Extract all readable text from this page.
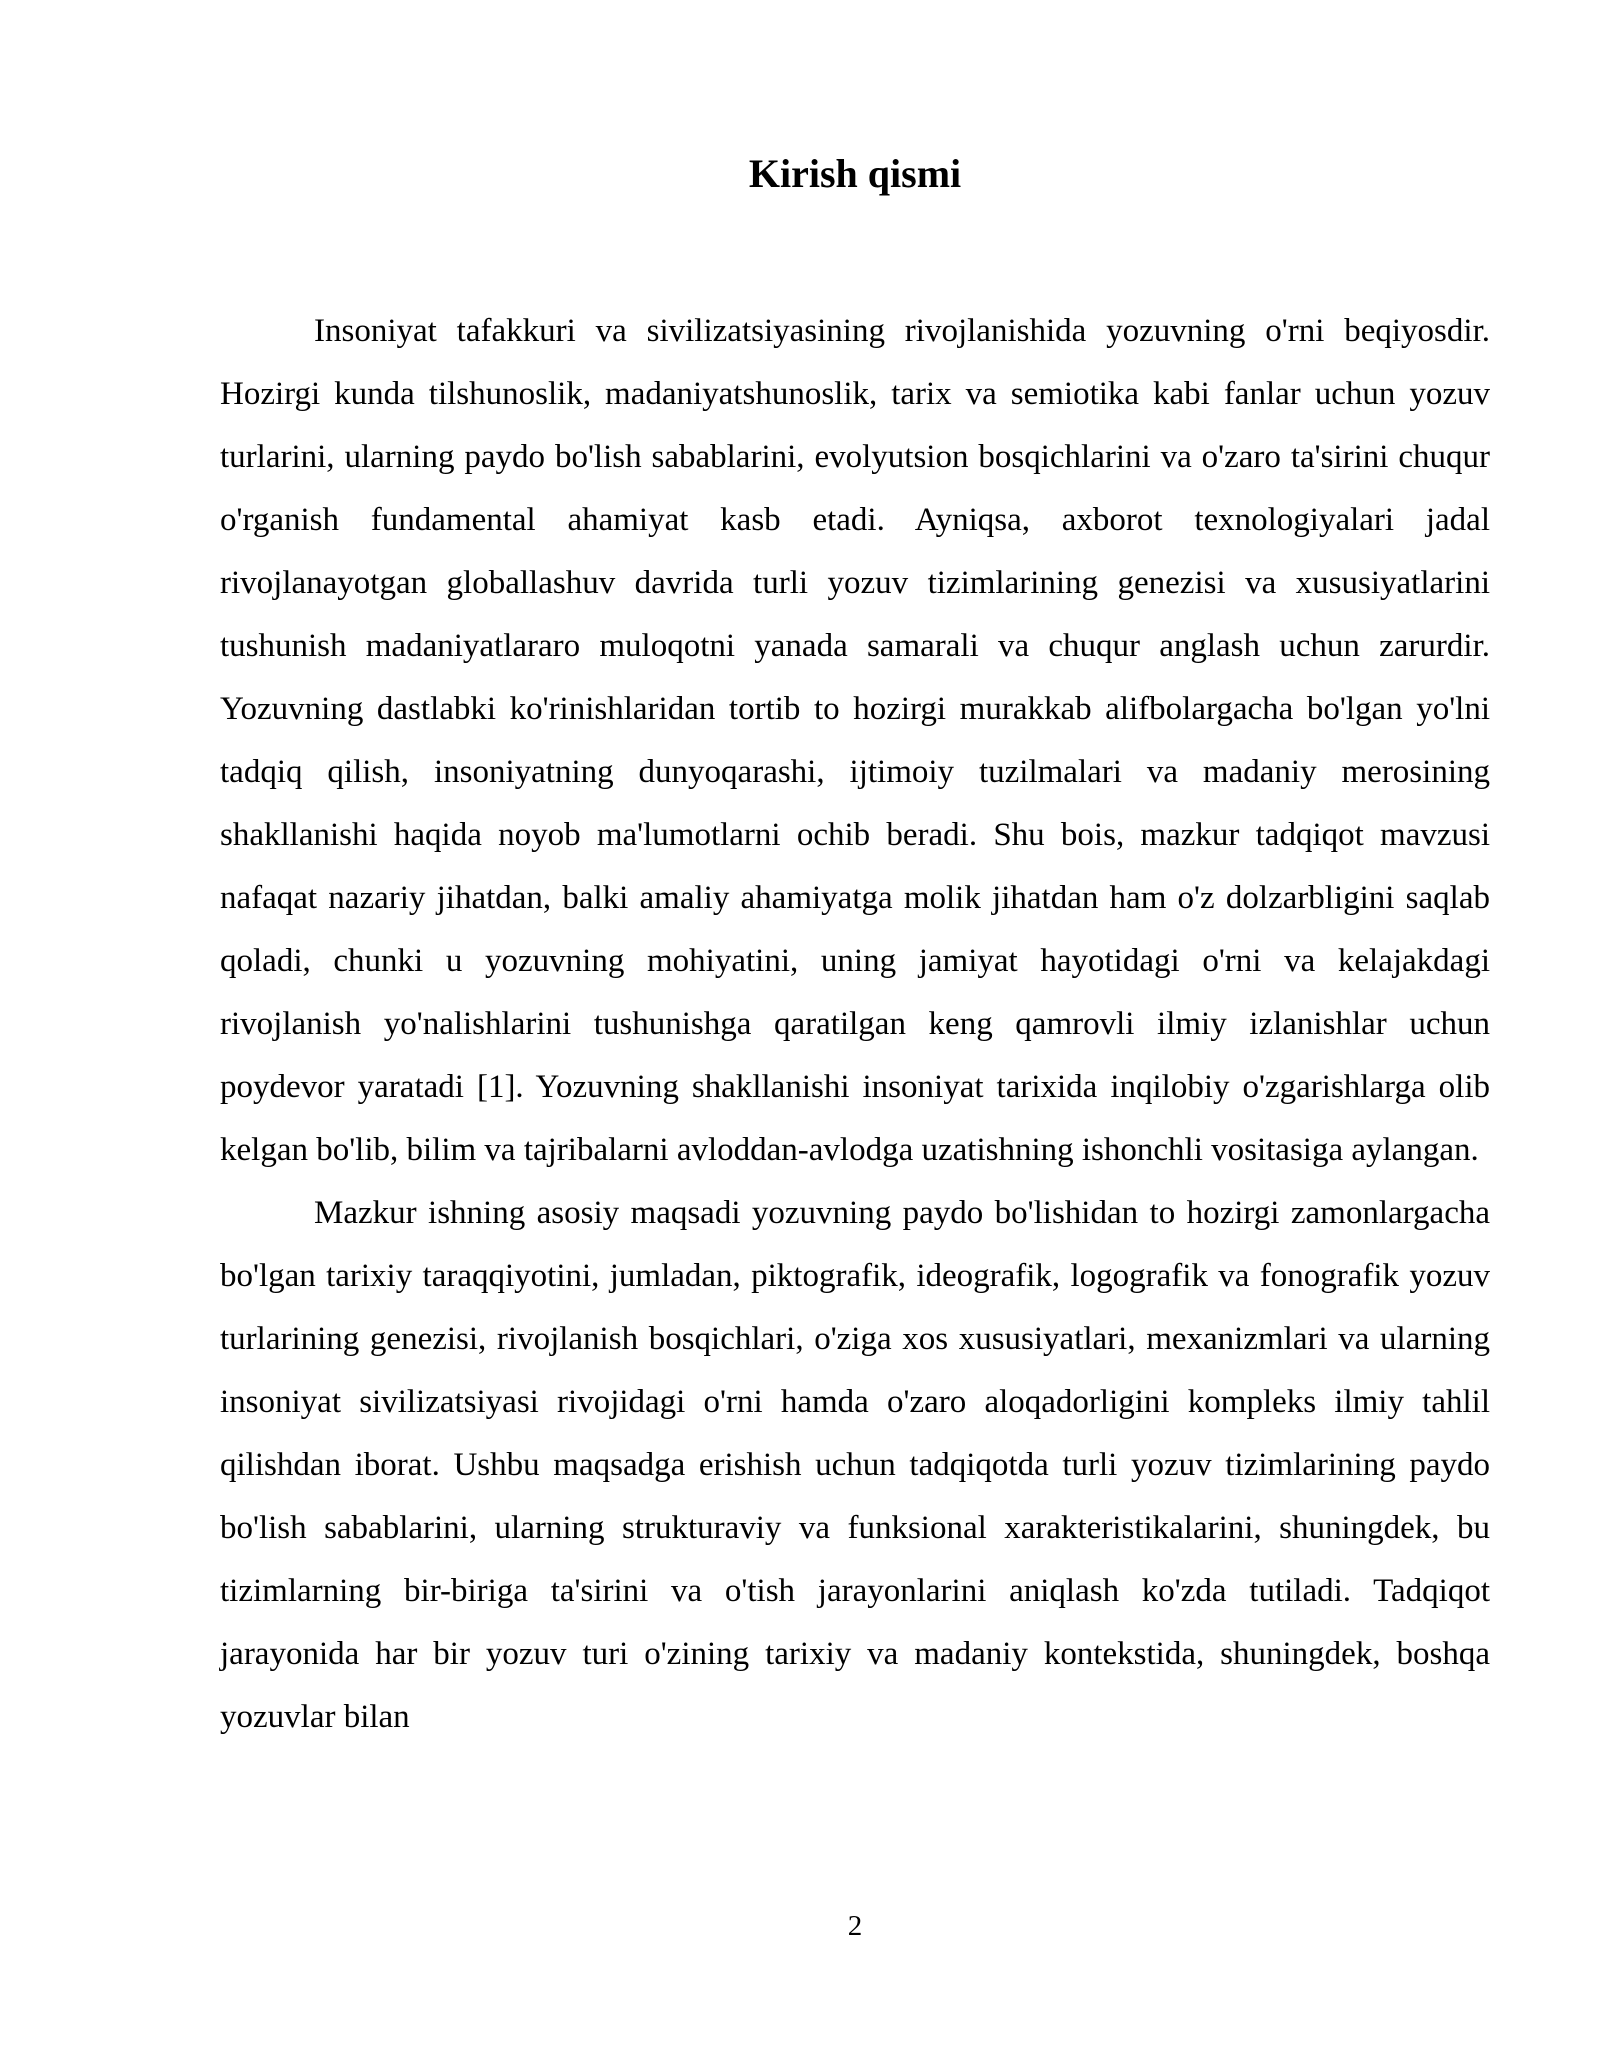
Kirish qismi

Insoniyat tafakkuri va sivilizatsiyasining rivojlanishida yozuvning o'rni beqiyosdir. Hozirgi kunda tilshunoslik, madaniyatshunoslik, tarix va semiotika kabi fanlar uchun yozuv turlarini, ularning paydo bo'lish sabablarini, evolyutsion bosqichlarini va o'zaro ta'sirini chuqur o'rganish fundamental ahamiyat kasb etadi. Ayniqsa, axborot texnologiyalari jadal rivojlanayotgan globallashuv davrida turli yozuv tizimlarining genezisi va xususiyatlarini tushunish madaniyatlararo muloqotni yanada samarali va chuqur anglash uchun zarurdir. Yozuvning dastlabki ko'rinishlaridan tortib to hozirgi murakkab alifbolargacha bo'lgan yo'lni tadqiq qilish, insoniyatning dunyoqarashi, ijtimoiy tuzilmalari va madaniy merosining shakllanishi haqida noyob ma'lumotlarni ochib beradi. Shu bois, mazkur tadqiqot mavzusi nafaqat nazariy jihatdan, balki amaliy ahamiyatga molik jihatdan ham o'z dolzarbligini saqlab qoladi, chunki u yozuvning mohiyatini, uning jamiyat hayotidagi o'rni va kelajakdagi rivojlanish yo'nalishlarini tushunishga qaratilgan keng qamrovli ilmiy izlanishlar uchun poydevor yaratadi [1]. Yozuvning shakllanishi insoniyat tarixida inqilobiy o'zgarishlarga olib kelgan bo'lib, bilim va tajribalarni avloddan-avlodga uzatishning ishonchli vositasiga aylangan.

Mazkur ishning asosiy maqsadi yozuvning paydo bo'lishidan to hozirgi zamonlargacha bo'lgan tarixiy taraqqiyotini, jumladan, piktografik, ideografik, logografik va fonografik yozuv turlarining genezisi, rivojlanish bosqichlari, o'ziga xos xususiyatlari, mexanizmlari va ularning insoniyat sivilizatsiyasi rivojidagi o'rni hamda o'zaro aloqadorligini kompleks ilmiy tahlil qilishdan iborat. Ushbu maqsadga erishish uchun tadqiqotda turli yozuv tizimlarining paydo bo'lish sabablarini, ularning strukturaviy va funksional xarakteristikalarini, shuningdek, bu tizimlarning bir-biriga ta'sirini va o'tish jarayonlarini aniqlash ko'zda tutiladi. Tadqiqot jarayonida har bir yozuv turi o'zining tarixiy va madaniy kontekstida, shuningdek, boshqa yozuvlar bilan

2
